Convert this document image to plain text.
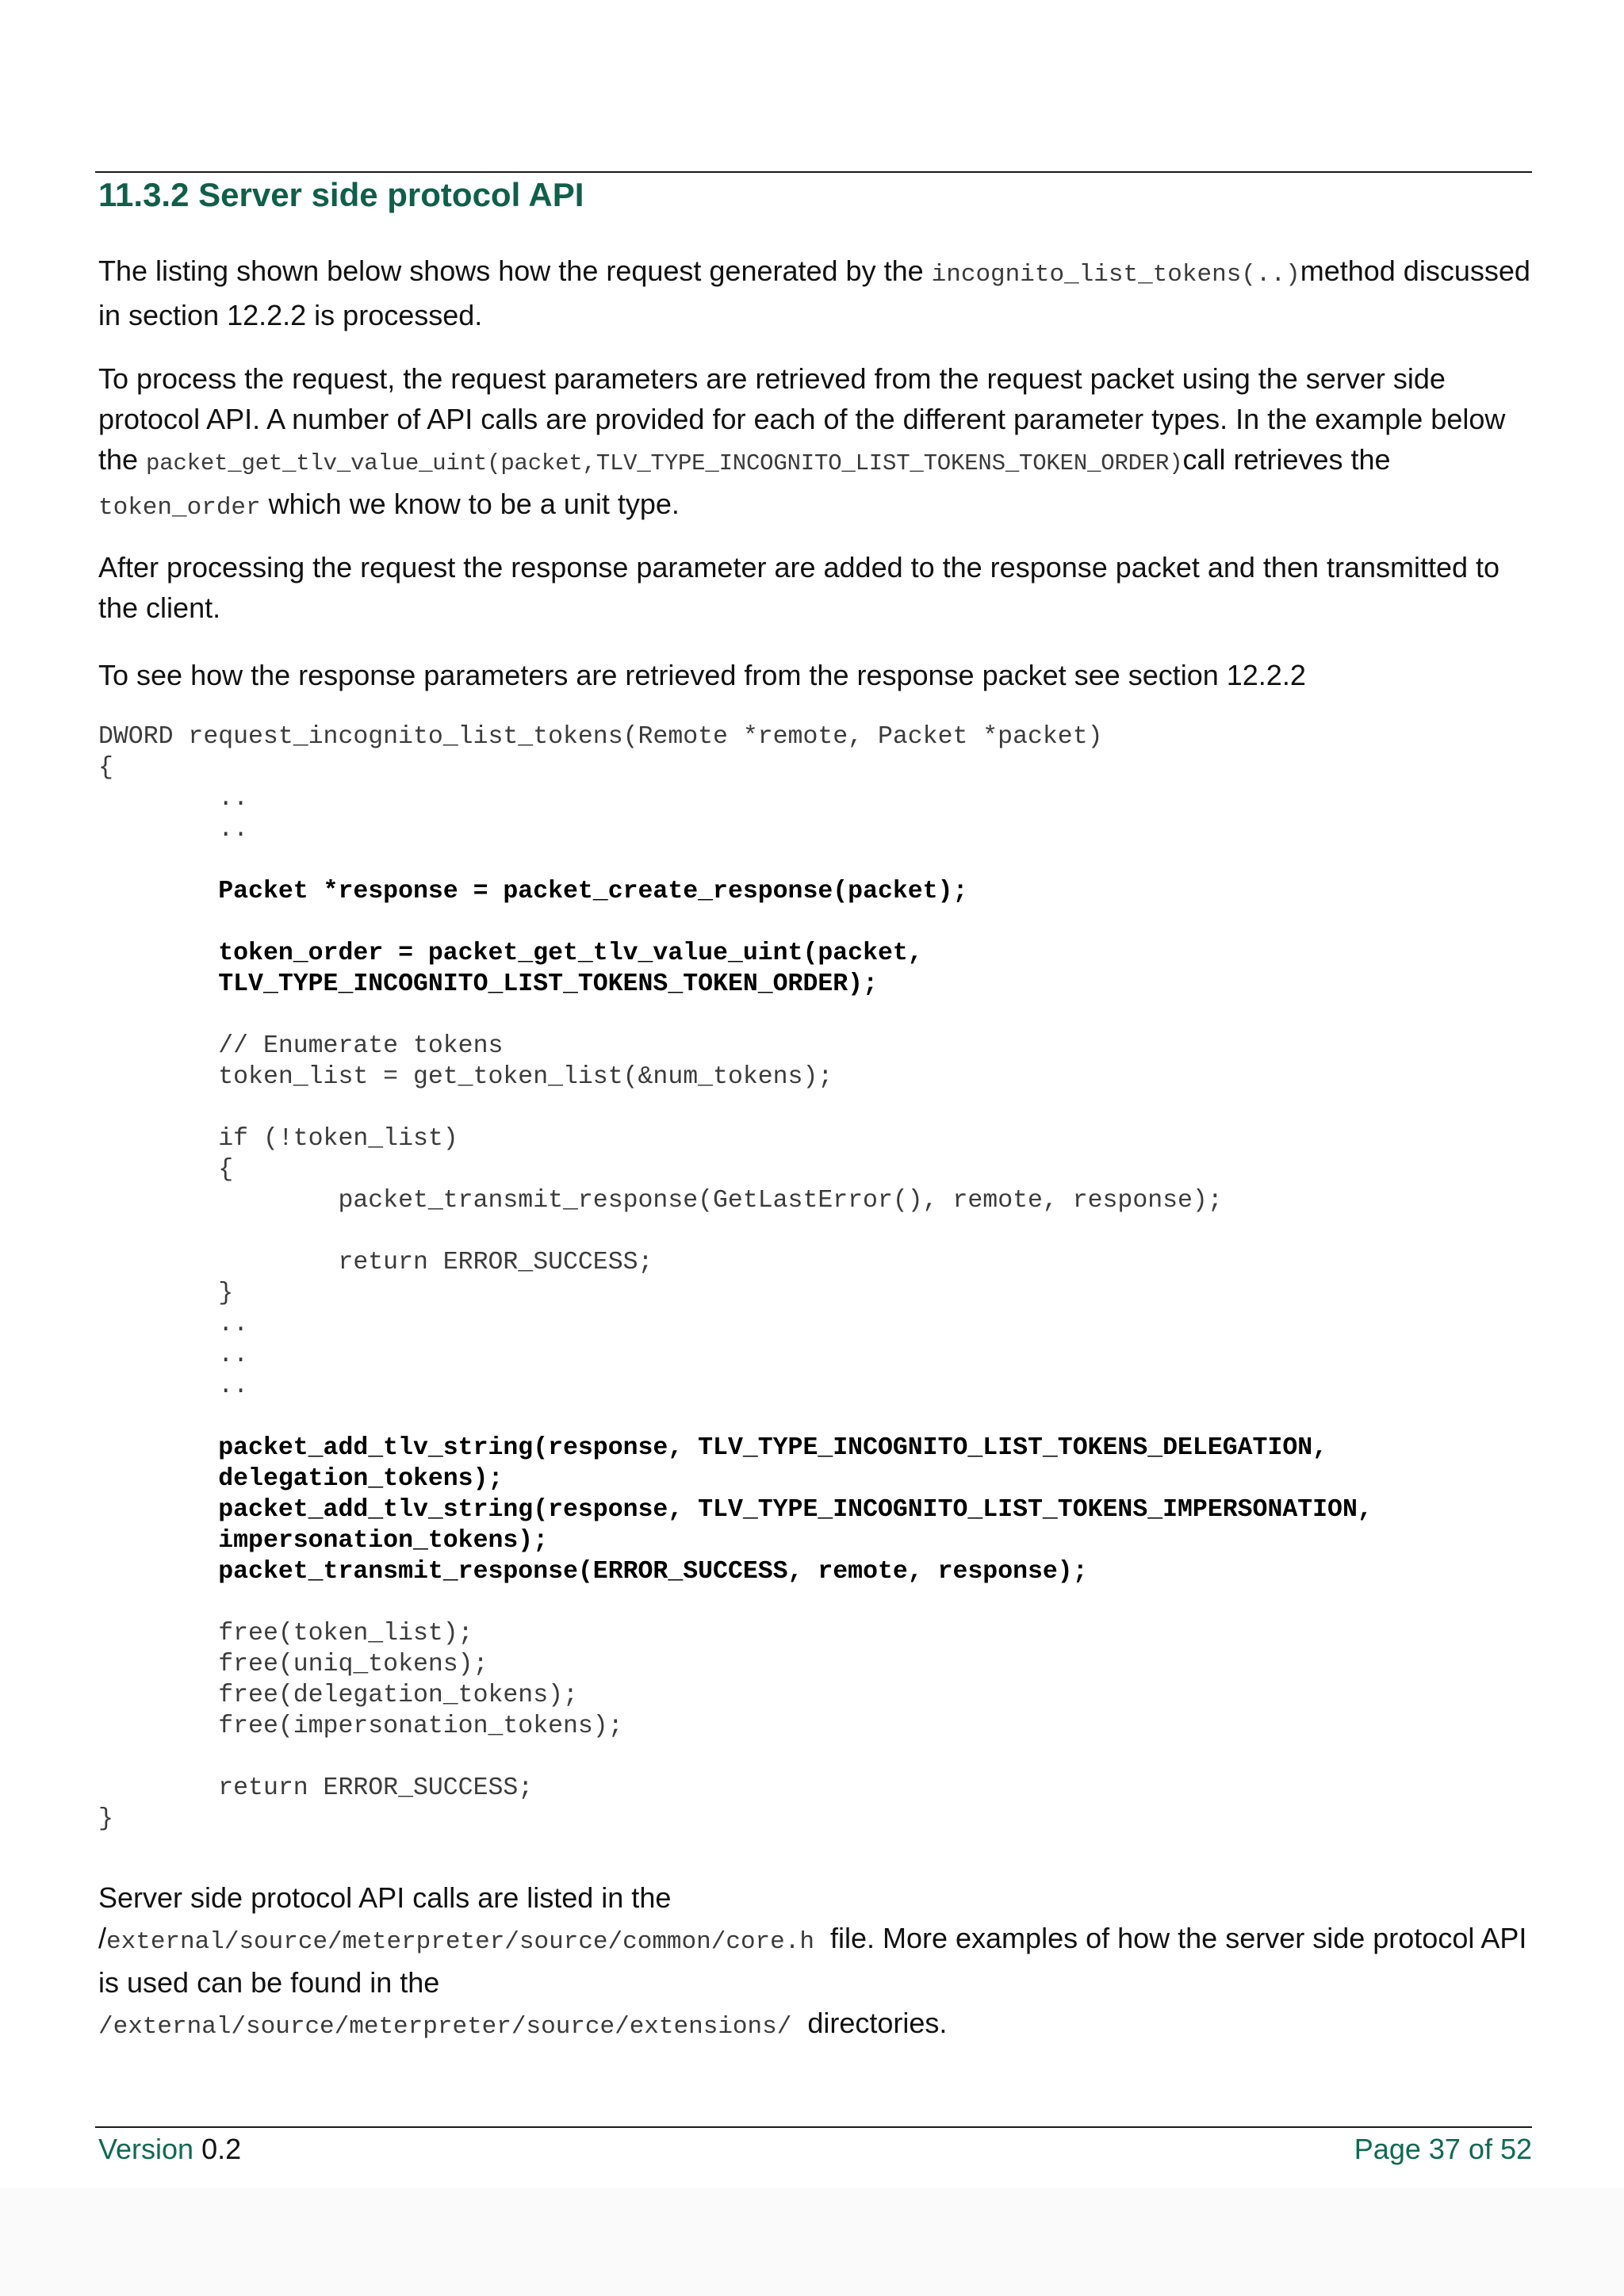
11.3.2 Server side protocol API

The listing shown below shows how the request generated by the incognito_list_tokens(..)method discussed in section 12.2.2 is processed.

To process the request, the request parameters are retrieved from the request packet using the server side protocol API. A number of API calls are provided for each of the different parameter types. In the example below the packet_get_tlv_value_uint(packet,TLV_TYPE_INCOGNITO_LIST_TOKENS_TOKEN_ORDER)call retrieves the token_order which we know to be a unit type.

After processing the request the response parameter are added to the response packet and then transmitted to the client.

To see how the response parameters are retrieved from the response packet see section 12.2.2

DWORD request_incognito_list_tokens(Remote *remote, Packet *packet)
{
..
..

Packet *response = packet_create_response(packet);

token_order = packet_get_tlv_value_uint(packet,
TLV_TYPE_INCOGNITO_LIST_TOKENS_TOKEN_ORDER);

// Enumerate tokens
token_list = get_token_list(&num_tokens);

if (!token_list)
{
packet_transmit_response(GetLastError(), remote, response);

return ERROR_SUCCESS;
}
..
..
..

packet_add_tlv_string(response, TLV_TYPE_INCOGNITO_LIST_TOKENS_DELEGATION,
delegation_tokens);
packet_add_tlv_string(response, TLV_TYPE_INCOGNITO_LIST_TOKENS_IMPERSONATION,
impersonation_tokens);
packet_transmit_response(ERROR_SUCCESS, remote, response);

free(token_list);
free(uniq_tokens);
free(delegation_tokens);
free(impersonation_tokens);

return ERROR_SUCCESS;
}

Server side protocol API calls are listed in the
/external/source/meterpreter/source/common/core.h  file. More examples of how the server side protocol API is used can be found in the
/external/source/meterpreter/source/extensions/  directories.

Version 0.2	Page 37 of 52
